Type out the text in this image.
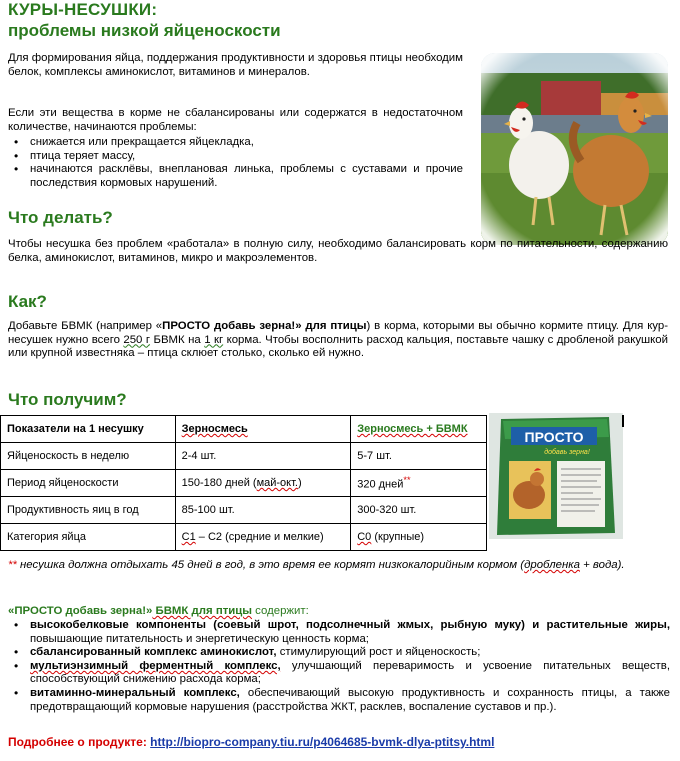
КУРЫ-НЕСУШКИ:
проблемы низкой яйценоскости
Для формирования яйца, поддержания продуктивности и здоровья птицы необходим белок, комплексы аминокислот, витаминов и минералов.
Если эти вещества в корме не сбалансированы или содержатся в недостаточном количестве, начинаются проблемы:
• снижается или прекращается яйцекладка,
• птица теряет массу,
• начинаются расклёвы, внеплановая линька, проблемы с суставами и прочие последствия кормовых нарушений.
Что делать?
Чтобы несушка без проблем «работала» в полную силу, необходимо балансировать корм по питательности, содержанию белка, аминокислот, витаминов, микро и макроэлементов.
Как?
Добавьте БВМК (например «ПРОСТО добавь зерна!» для птицы) в корма, которыми вы обычно кормите птицу. Для кур-несушек нужно всего 250 г БВМК на 1 кг корма. Чтобы восполнить расход кальция, поставьте чашку с дробленой ракушкой или крупной известняка – птица склюет столько, сколько ей нужно.
Что получим?
Показатели на 1 несушку	Зерносмесь	Зерносмесь + БВМК
Яйценоскость в неделю	2-4 шт.	5-7 шт.
Период яйценоскости	150-180 дней (май-окт.)	320 дней**
Продуктивность яиц в год	85-100 шт.	300-320 шт.
Категория яйца	С1 – С2 (средние и мелкие)	С0 (крупные)
ПРОСТО
добавь зерна!
** несушка должна отдыхать 45 дней в год, в это время ее кормят низкокалорийным кормом (дробленка + вода).
«ПРОСТО добавь зерна!» БВМК для птицы содержит:
• высокобелковые компоненты (соевый шрот, подсолнечный жмых, рыбную муку) и растительные жиры, повышающие питательность и энергетическую ценность корма;
• сбалансированный комплекс аминокислот, стимулирующий рост и яйценоскость;
• мультиэнзимный ферментный комплекс, улучшающий переваримость и усвоение питательных веществ, способствующий снижению расхода корма;
• витаминно-минеральный комплекс, обеспечивающий высокую продуктивность и сохранность птицы, а также предотвращающий кормовые нарушения (расстройства ЖКТ, расклев, воспаление суставов и пр.).
Подробнее о продукте: http://biopro-company.tiu.ru/p4064685-bvmk-dlya-ptitsy.html
